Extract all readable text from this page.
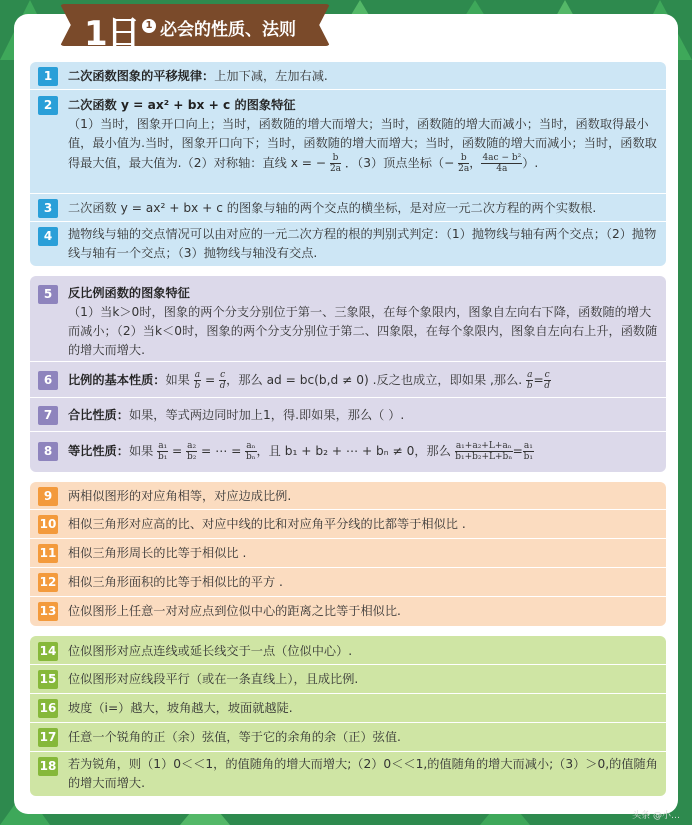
1日 1 必会的性质、法则
1	二次函数图象的平移规律：上加下减，左加右减.
2	二次函数 y = ax² + bx + c 的图象特征
（1）当时，图象开口向上；当时，函数随的增大而增大；当时，函数随的增大而减小；当时，函数取得最小值，最小值为.当时，图象开口向下；当时，函数随的增大而增大；当时，函数随的增大而减小；当时，函数取得最大值，最大值为.（2）对称轴：直线 x = − $\frac{b}{2a}$ ．（3）顶点坐标（− $\frac{b}{2a}$ ， $\frac{\text{4ac − b²}}{4a}$ ）.
3	二次函数 y = ax² + bx + c 的图象与轴的两个交点的横坐标，是对应一元二次方程的两个实数根.
4	抛物线与轴的交点情况可以由对应的一元二次方程的根的判别式判定：（1）抛物线与轴有两个交点；（2）抛物线与轴有一个交点；（3）抛物线与轴没有交点.
5	反比例函数的图象特征
（1）当k＞0时，图象的两个分支分别位于第一、三象限，在每个象限内，图象自左向右下降，函数随的增大而减小；（2）当k＜0时，图象的两个分支分别位于第二、四象限，在每个象限内，图象自左向右上升，函数随的增大而增大.
6	比例的基本性质：如果 $\frac{a}{b} = \frac{c}{d}$ ，那么 ad = bc(b,d ≠ 0) .反之也成立，即如果 ,那么. $\frac{a}{b} = \frac{c}{d}$
7	合比性质：如果，等式两边同时加上1，得.即如果，那么（ ）.
8	等比性质：如果 $\frac{\text{a₁}}{\text{b₁}} = \frac{\text{a₂}}{\text{b₂}}$ = ⋯ = $\frac{\text{aₙ}}{\text{bₙ}}$ ，且 b₁ + b₂ + ⋯ + bₙ ≠ 0，那么 $\frac{\text{a₁+a₂+L+aₙ}}{\text{b₁+b₂+L+bₙ}} = \frac{\text{a₁}}{\text{b₁}}$
9	两相似图形的对应角相等，对应边成比例.
10 相似三角形对应高的比、对应中线的比和对应角平分线的比都等于相似比 .
11 相似三角形周长的比等于相似比 .
12 相似三角形面积的比等于相似比的平方 .
13 位似图形上任意一对对应点到位似中心的距离之比等于相似比.
14 位似图形对应点连线或延长线交于一点（位似中心）.
15 位似图形对应线段平行（或在一条直线上），且成比例.
16 坡度（i=）越大，坡角越大，坡面就越陡.
17 任意一个锐角的正（余）弦值，等于它的余角的余（正）弦值.
18 若为锐角，则（1）0＜＜1，的值随角的增大而增大;（2）0＜＜1,的值随角的增大而减小;（3）＞0,的值随角的增大而增大.
头条 @小…
